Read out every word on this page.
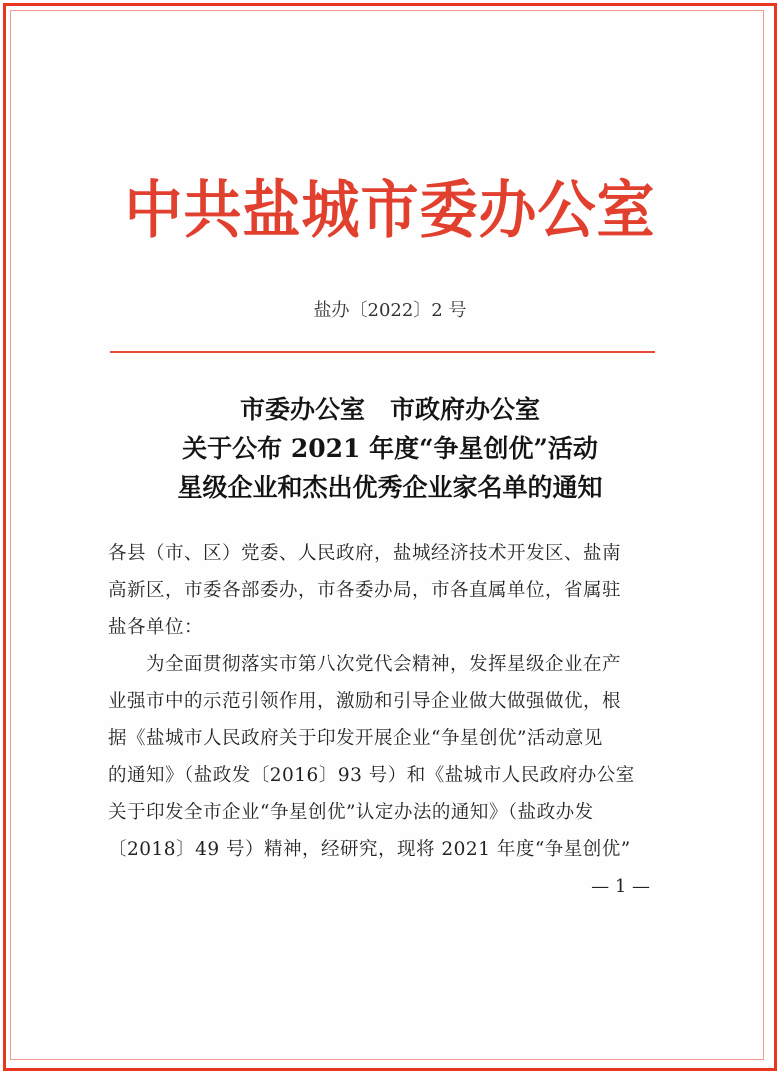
中共盐城市委办公室
盐办〔2022〕2 号
市委办公室　市政府办公室
关于公布 2021 年度“争星创优”活动
星级企业和杰出优秀企业家名单的通知
各县（市、区）党委、人民政府，盐城经济技术开发区、盐南
高新区，市委各部委办，市各委办局，市各直属单位，省属驻
盐各单位：
为全面贯彻落实市第八次党代会精神，发挥星级企业在产
业强市中的示范引领作用，激励和引导企业做大做强做优，根
据《盐城市人民政府关于印发开展企业“争星创优”活动意见
的通知》（盐政发〔2016〕93 号）和《盐城市人民政府办公室
关于印发全市企业“争星创优”认定办法的通知》（盐政办发
〔2018〕49 号）精神，经研究，现将 2021 年度“争星创优”
— 1 —
